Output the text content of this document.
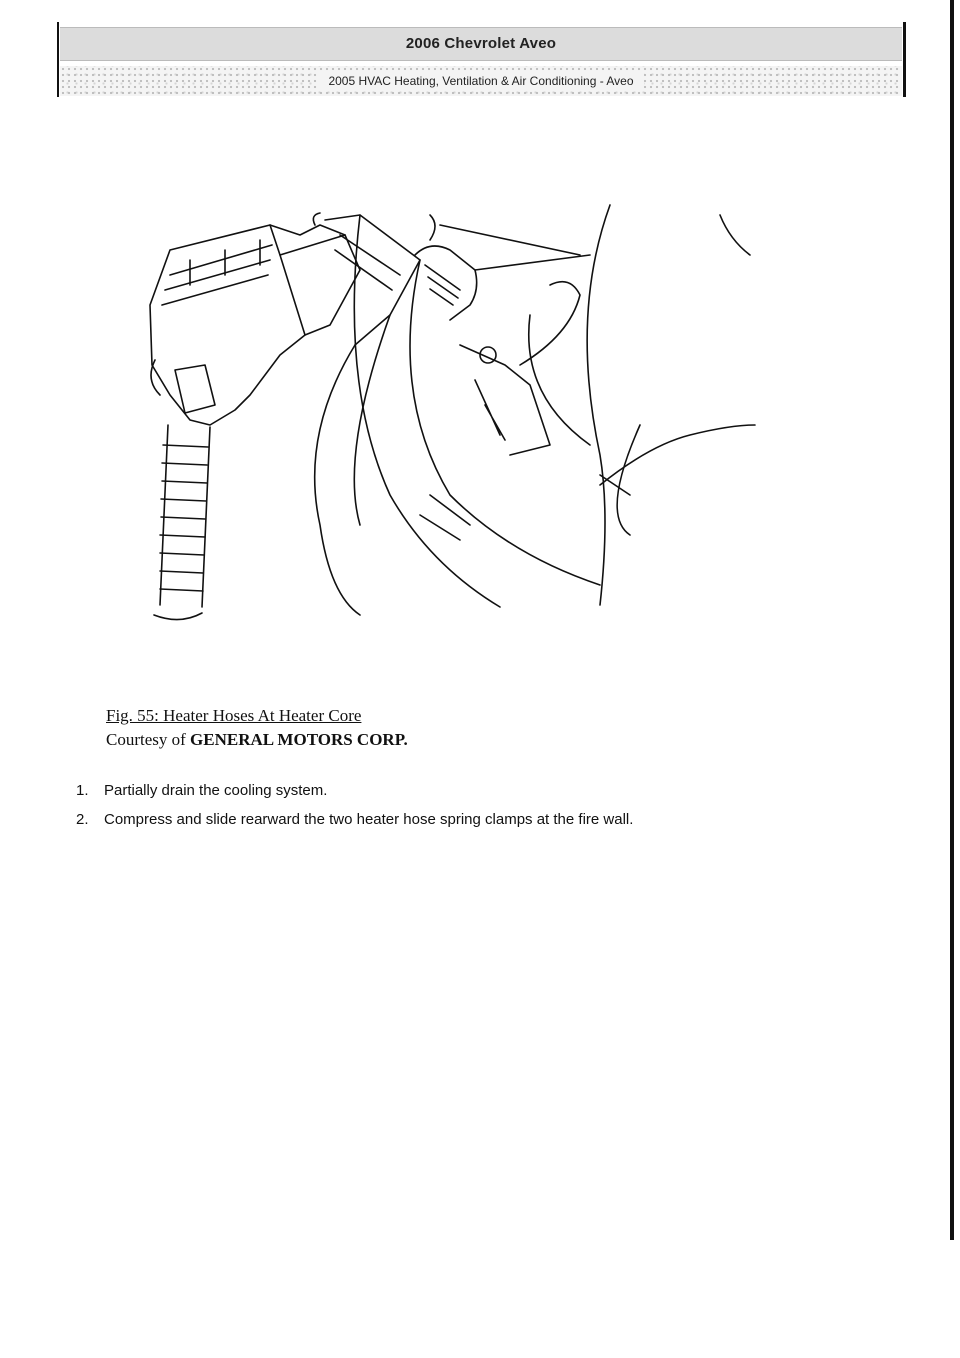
2006 Chevrolet Aveo
2005 HVAC Heating, Ventilation & Air Conditioning - Aveo
Fig. 55: Heater Hoses At Heater Core
Courtesy of GENERAL MOTORS CORP.
1.	Partially drain the cooling system.
2.	Compress and slide rearward the two heater hose spring clamps at the fire wall.
